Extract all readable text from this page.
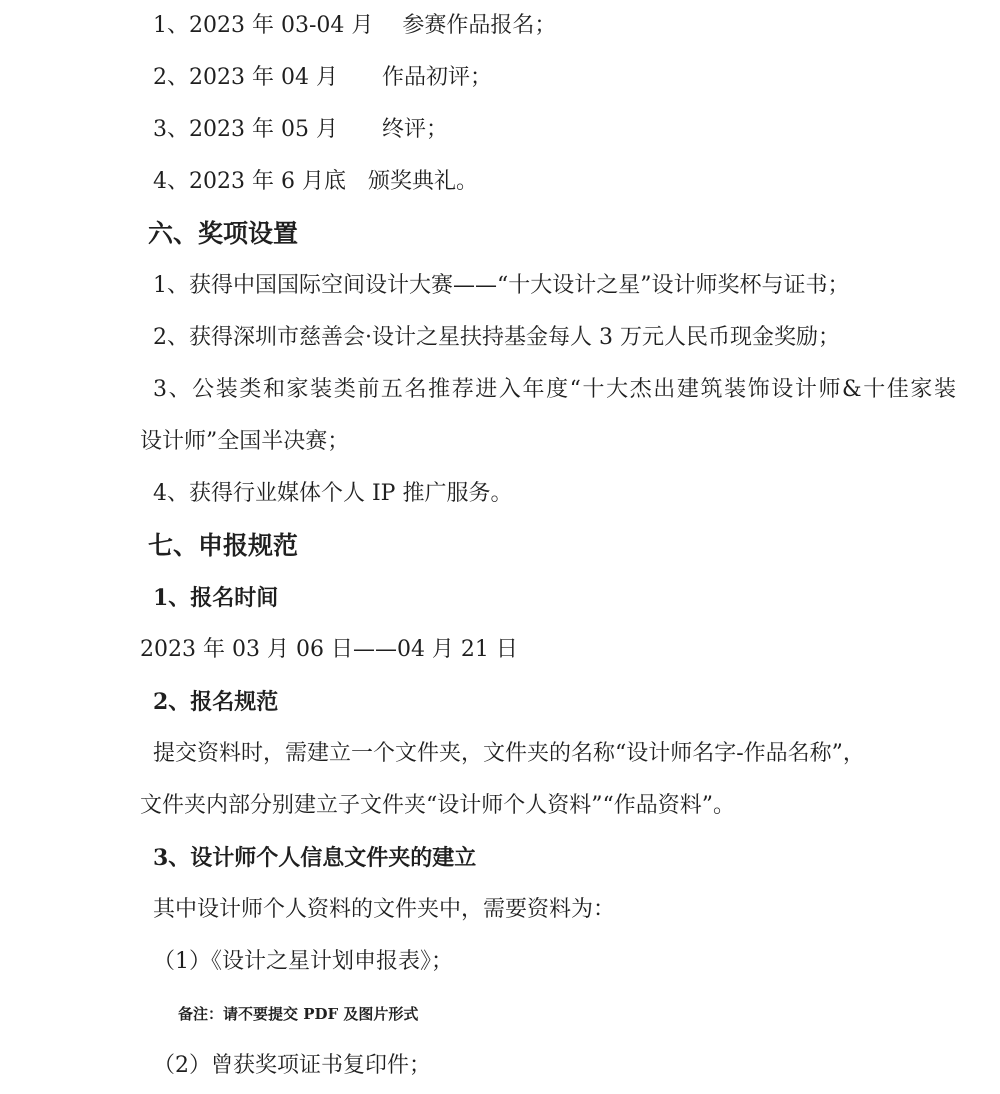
1、2023 年 03-04 月　 参赛作品报名；
2、2023 年 04 月　　作品初评；
3、2023 年 05 月　　终评；
4、2023 年 6 月底　颁奖典礼。
六、奖项设置
1、获得中国国际空间设计大赛——“十大设计之星”设计师奖杯与证书；
2、获得深圳市慈善会·设计之星扶持基金每人 3 万元人民币现金奖励；
3、公装类和家装类前五名推荐进入年度“十大杰出建筑装饰设计师&十佳家装
设计师”全国半决赛；
4、获得行业媒体个人 IP 推广服务。
七、申报规范
1、报名时间
2023 年 03 月 06 日——04 月 21 日
2、报名规范
提交资料时，需建立一个文件夹，文件夹的名称“设计师名字-作品名称”，
文件夹内部分别建立子文件夹“设计师个人资料”“作品资料”。
3、设计师个人信息文件夹的建立
其中设计师个人资料的文件夹中，需要资料为：
（1）《设计之星计划申报表》；
备注：请不要提交 PDF 及图片形式
（2）曾获奖项证书复印件；
